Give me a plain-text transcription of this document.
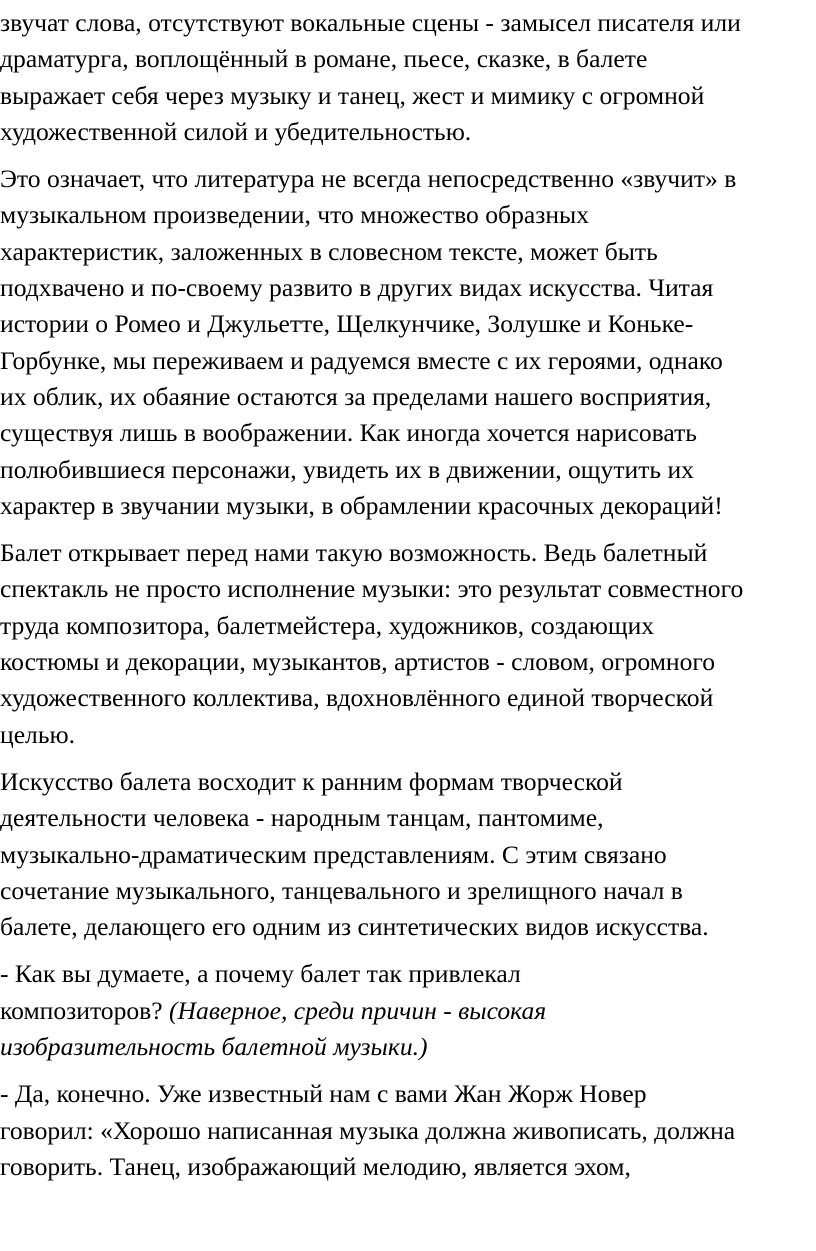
звучат слова, отсутствуют вокальные сцены - замысел писателя или
драматурга, воплощённый в романе, пьесе, сказке, в балете
выражает себя через музыку и танец, жест и мимику с огромной
художественной силой и убедительностью.

Это означает, что литература не всегда непосредственно «звучит» в
музыкальном произведении, что множество образных
характеристик, заложенных в словесном тексте, может быть
подхвачено и по-своему развито в других видах искусства. Читая
истории о Ромео и Джульетте, Щелкунчике, Золушке и Коньке-
Горбунке, мы переживаем и радуемся вместе с их героями, однако
их облик, их обаяние остаются за пределами нашего восприятия,
существуя лишь в воображении. Как иногда хочется нарисовать
полюбившиеся персонажи, увидеть их в движении, ощутить их
характер в звучании музыки, в обрамлении красочных декораций!

Балет открывает перед нами такую возможность. Ведь балетный
спектакль не просто исполнение музыки: это результат совместного
труда композитора, балетмейстера, художников, создающих
костюмы и декорации, музыкантов, артистов - словом, огромного
художественного коллектива, вдохновлённого единой творческой
целью.

Искусство балета восходит к ранним формам творческой
деятельности человека - народным танцам, пантомиме,
музыкально-драматическим представлениям. С этим связано
сочетание музыкального, танцевального и зрелищного начал в
балете, делающего его одним из синтетических видов искусства.

- Как вы думаете, а почему балет так привлекал
композиторов? (Наверное, среди причин - высокая
изобразительность балетной музыки.)

- Да, конечно. Уже известный нам с вами Жан Жорж Новер
говорил: «Хорошо написанная музыка должна живописать, должна
говорить. Танец, изображающий мелодию, является эхом,
